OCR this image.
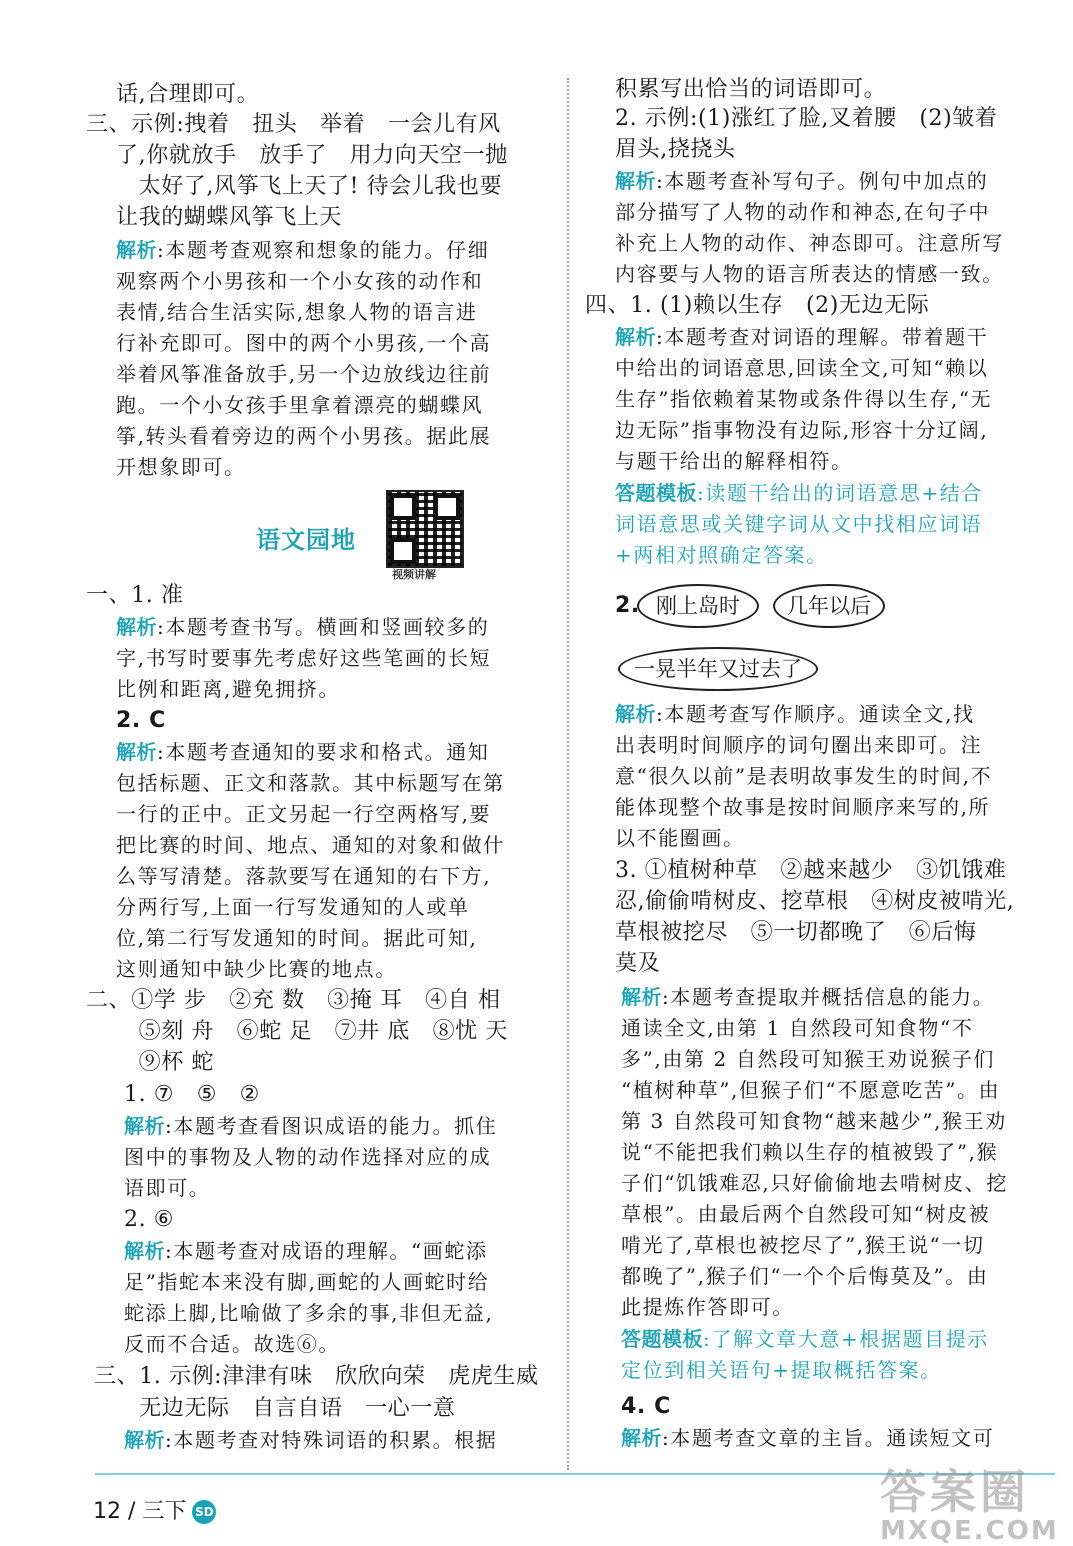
话,合理即可。
三、示例:拽着　扭头　举着　一会儿有风
了,你就放手　放手了　用力向天空一抛
　太好了,风筝飞上天了! 待会儿我也要
让我的蝴蝶风筝飞上天
解析:本题考查观察和想象的能力。仔细
观察两个小男孩和一个小女孩的动作和
表情,结合生活实际,想象人物的语言进
行补充即可。图中的两个小男孩,一个高
举着风筝准备放手,另一个边放线边往前
跑。一个小女孩手里拿着漂亮的蝴蝶风
筝,转头看着旁边的两个小男孩。据此展
开想象即可。
语文园地
视频讲解
一、1. 准
解析:本题考查书写。横画和竖画较多的
字,书写时要事先考虑好这些笔画的长短
比例和距离,避免拥挤。
2. C
解析:本题考查通知的要求和格式。通知
包括标题、正文和落款。其中标题写在第
一行的正中。正文另起一行空两格写,要
把比赛的时间、地点、通知的对象和做什
么等写清楚。落款要写在通知的右下方,
分两行写,上面一行写发通知的人或单
位,第二行写发通知的时间。据此可知,
这则通知中缺少比赛的地点。
二、①学 步　②充 数　③掩 耳　④自 相
　⑤刻 舟　⑥蛇 足　⑦井 底　⑧忧 天
　⑨杯 蛇
1. ⑦　⑤　②
解析:本题考查看图识成语的能力。抓住
图中的事物及人物的动作选择对应的成
语即可。
2. ⑥
解析:本题考查对成语的理解。“画蛇添
足”指蛇本来没有脚,画蛇的人画蛇时给
蛇添上脚,比喻做了多余的事,非但无益,
反而不合适。故选⑥。
三、1. 示例:津津有味　欣欣向荣　虎虎生威
　　无边无际　自言自语　一心一意
解析:本题考查对特殊词语的积累。根据
积累写出恰当的词语即可。
2. 示例:(1)涨红了脸,叉着腰　(2)皱着
眉头,挠挠头
解析:本题考查补写句子。例句中加点的
部分描写了人物的动作和神态,在句子中
补充上人物的动作、神态即可。注意所写
内容要与人物的语言所表达的情感一致。
四、1. (1)赖以生存　(2)无边无际
解析:本题考查对词语的理解。带着题干
中给出的词语意思,回读全文,可知“赖以
生存”指依赖着某物或条件得以生存,“无
边无际”指事物没有边际,形容十分辽阔,
与题干给出的解释相符。
答题模板:读题干给出的词语意思+结合
词语意思或关键字词从文中找相应词语
+两相对照确定答案。
2. 刚上岛时	几年以后
一晃半年又过去了
解析:本题考查写作顺序。通读全文,找
出表明时间顺序的词句圈出来即可。注
意“很久以前”是表明故事发生的时间,不
能体现整个故事是按时间顺序来写的,所
以不能圈画。
3. ①植树种草　②越来越少　③饥饿难
忍,偷偷啃树皮、挖草根　④树皮被啃光,
草根被挖尽　⑤一切都晚了　⑥后悔
莫及
解析:本题考查提取并概括信息的能力。
通读全文,由第 1 自然段可知食物“不
多”,由第 2 自然段可知猴王劝说猴子们
“植树种草”,但猴子们“不愿意吃苦”。由
第 3 自然段可知食物“越来越少”,猴王劝
说“不能把我们赖以生存的植被毁了”,猴
子们“饥饿难忍,只好偷偷地去啃树皮、挖
草根”。由最后两个自然段可知“树皮被
啃光了,草根也被挖尽了”,猴王说“一切
都晚了”,猴子们“一个个后悔莫及”。由
此提炼作答即可。
答题模板:了解文章大意+根据题目提示
定位到相关语句+提取概括答案。
4. C
解析:本题考查文章的主旨。通读短文可
12 / 三下 SD	答案圈
MXQE.COM
